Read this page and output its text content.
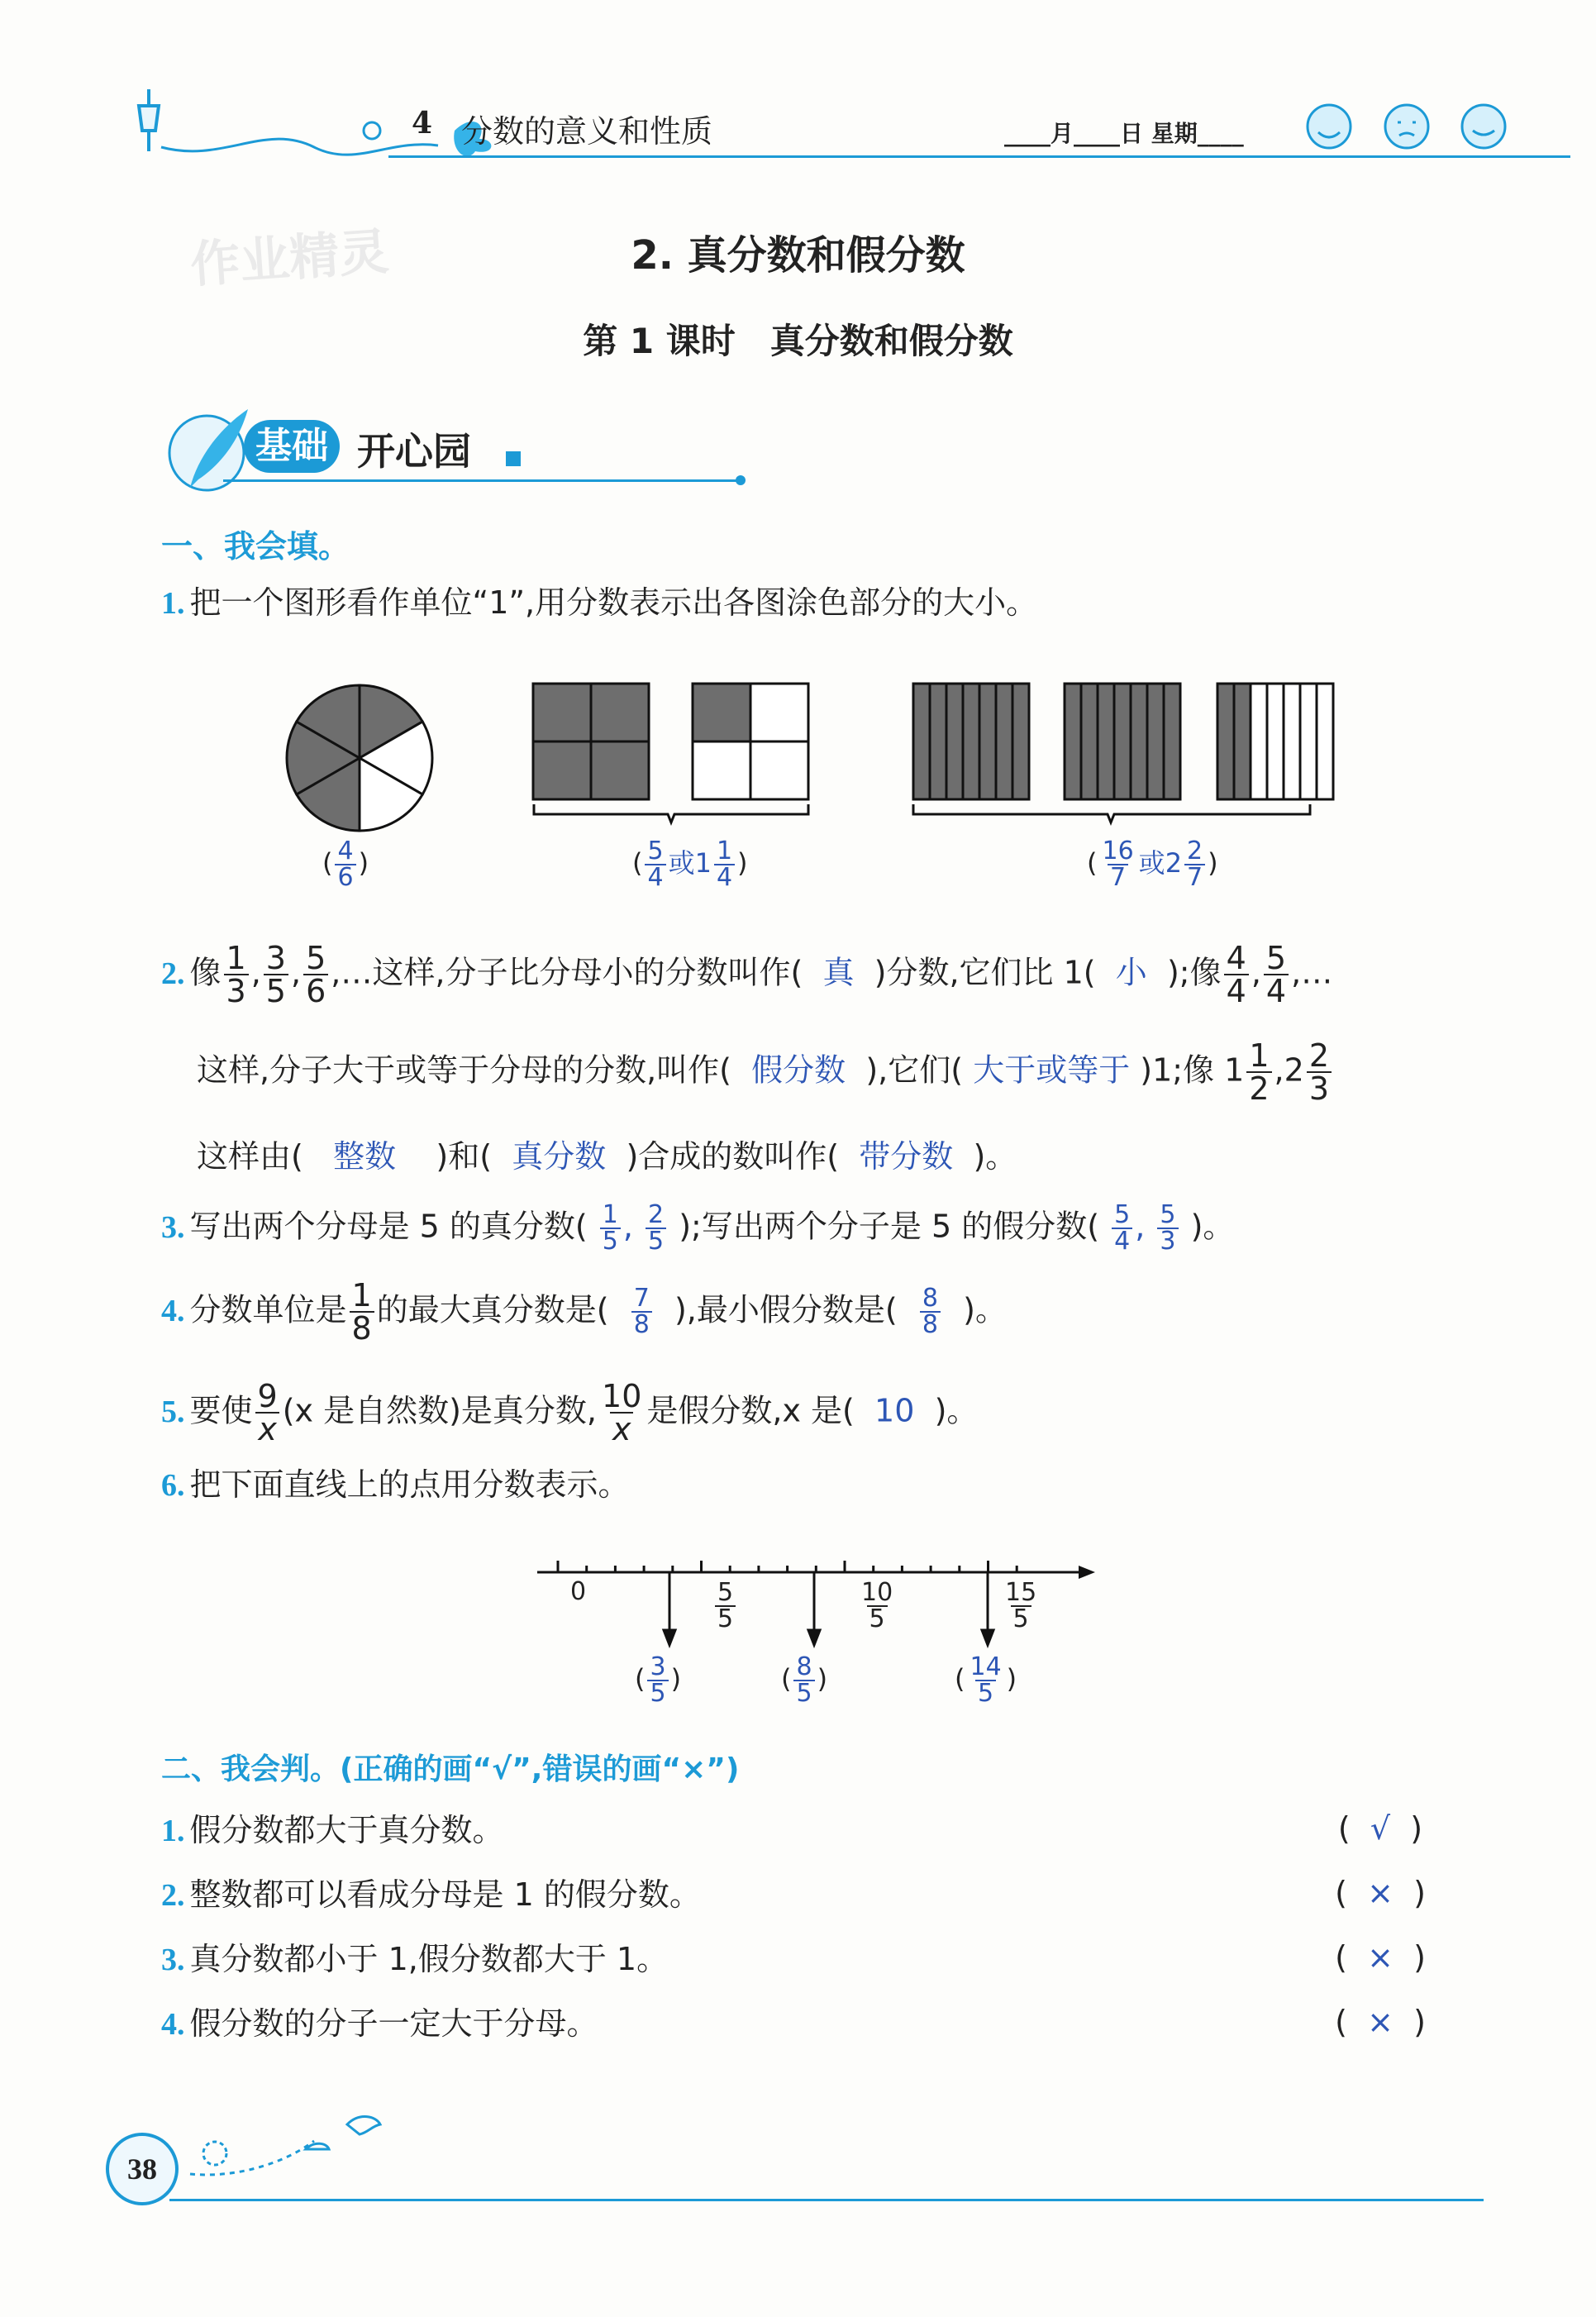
4 分数的意义和性质	____月____日 星期____
作业精灵	2. 真分数和假分数
第 1 课时　真分数和假分数
基础 开心园
一、我会填。
1. 把一个图形看作单位“1”,用分数表示出各图涂色部分的大小。
( $\frac{4}{6}$ )	( $\frac{5}{4}$ 或$1 \frac{1}{4}$ )	( $\frac{16}{7}$ 或$2 \frac{2}{7}$ )
2. 像 $\frac{1}{3}$ , $\frac{3}{5}$ , $\frac{5}{6}$ ,…这样,分子比分母小的分数叫作( 真 )分数,它们比 1( 小 );像 $\frac{4}{4}$ , $\frac{5}{4}$ ,…
这样,分子大于或等于分母的分数,叫作( 假分数 ),它们( 大于或等于 )1;像 $1 \frac{1}{2} ,2 \frac{2}{3}$
这样由( 整数 )和( 真分数 )合成的数叫作( 带分数 )。
3. 写出两个分母是 5 的真分数( $\frac{1}{5}$ , $\frac{2}{5}$ );写出两个分子是 5 的假分数( $\frac{5}{4}$ , $\frac{5}{3}$ )。
4. 分数单位是 $\frac{1}{8}$ 的最大真分数是( $\frac{7}{8}$ ),最小假分数是( $\frac{8}{8}$ )。
5. 要使 $\frac{9}{x} (x$ 是自然数)是真分数, $\frac{10}{x}$ 是假分数,x 是( 10 )。
6. 把下面直线上的点用分数表示。
0	$\frac{5}{5}$	$\frac{10}{5}$	$\frac{15}{5}$
( $\frac{3}{5}$ )	( $\frac{8}{5}$ )	( $\frac{14}{5}$ )
二、我会判。(正确的画“√”,错误的画“×”)
1. 假分数都大于真分数。	(  √  )
2. 整数都可以看成分母是 1 的假分数。	(  ×  )
3. 真分数都小于 1,假分数都大于 1。	(  ×  )
4. 假分数的分子一定大于分母。	(  ×  )
38
